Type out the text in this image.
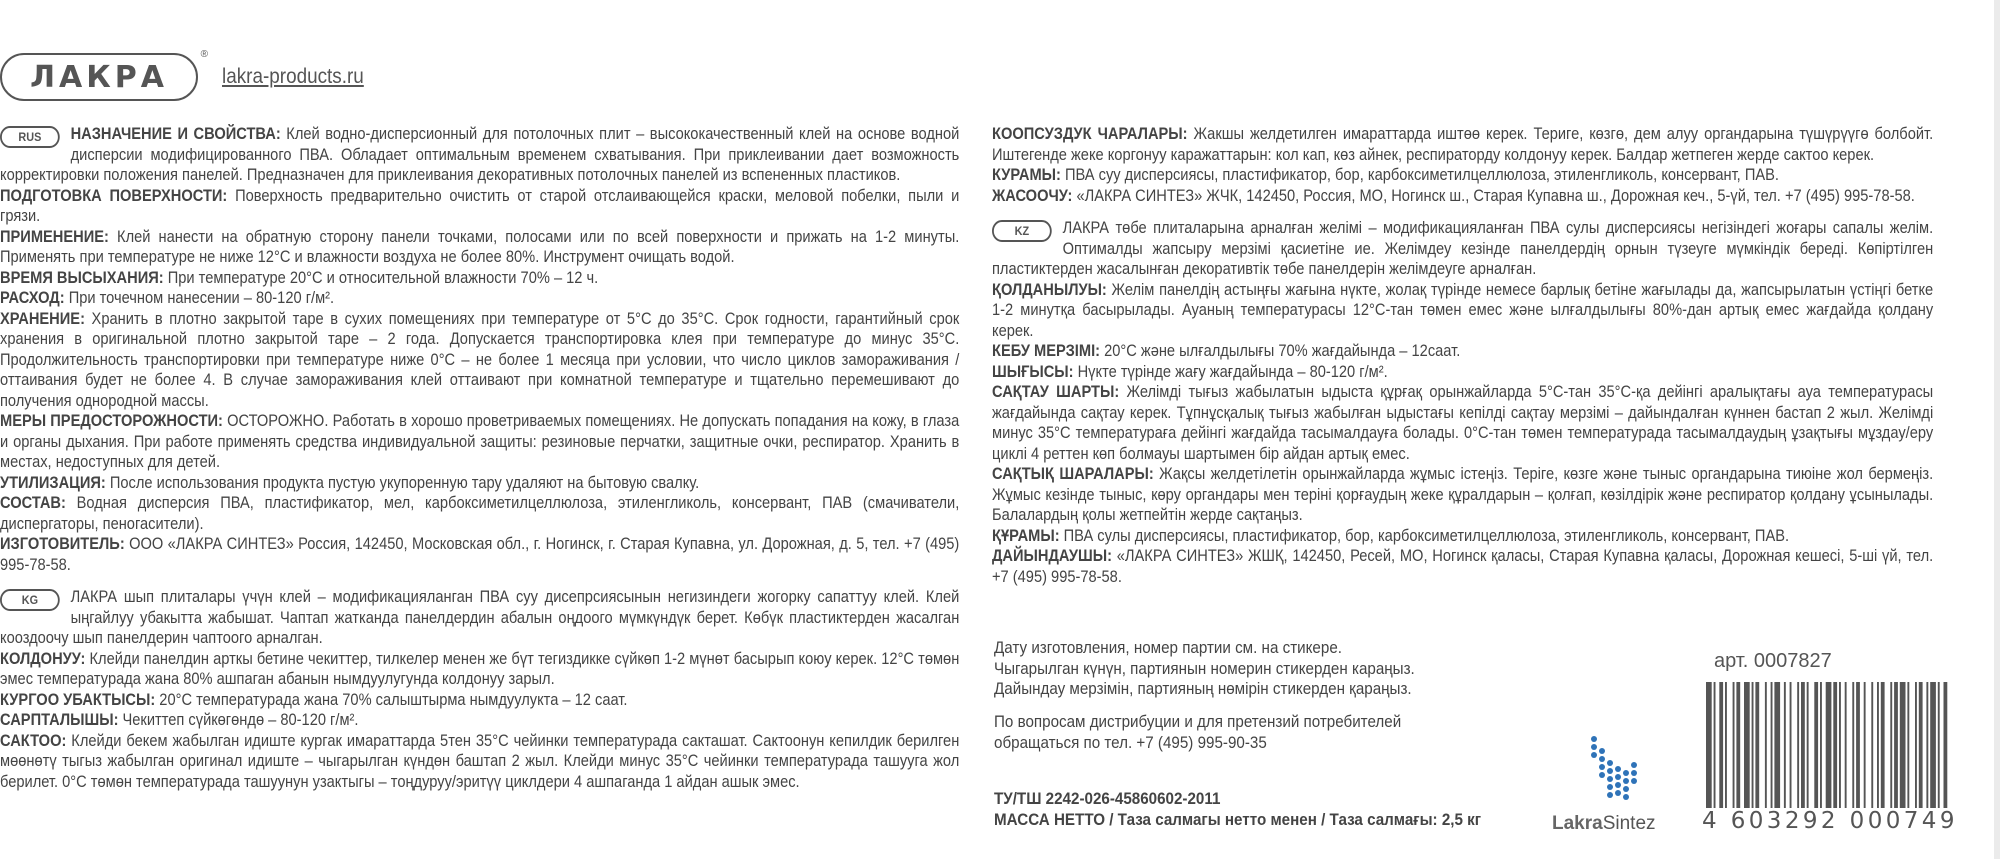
ЛАКРА
®
lakra-products.ru
RUS	НАЗНАЧЕНИЕ И СВОЙСТВА: Клей водно-дисперсионный для потолочных плит – высококачественный клей на основе водной дисперсии модифицированного ПВА. Обладает оптимальным временем схватывания. При приклеивании дает возможность корректировки положения панелей. Предназначен для приклеивания декоративных потолочных панелей из вспененных пластиков.

ПОДГОТОВКА ПОВЕРХНОСТИ: Поверхность предварительно очистить от старой отслаивающейся краски, меловой побелки, пыли и грязи.

ПРИМЕНЕНИЕ: Клей нанести на обратную сторону панели точками, полосами или по всей поверхности и прижать на 1-2 минуты. Применять при температуре не ниже 12°С и влажности воздуха не более 80%. Инструмент очищать водой.

ВРЕМЯ ВЫСЫХАНИЯ: При температуре 20°С и относительной влажности 70% – 12 ч.

РАСХОД: При точечном нанесении – 80-120 г/м².

ХРАНЕНИЕ: Хранить в плотно закрытой таре в сухих помещениях при температуре от 5°С до 35°С. Срок годности, гарантийный срок хранения в оригинальной плотно закрытой таре – 2 года. Допускается транспортировка клея при температуре до минус 35°С. Продолжительность транспортировки при температуре ниже 0°С – не более 1 месяца при условии, что число циклов замораживания / оттаивания будет не более 4. В случае замораживания клей оттаивают при комнатной температуре и тщательно перемешивают до получения однородной массы.

МЕРЫ ПРЕДОСТОРОЖНОСТИ: ОСТОРОЖНО. Работать в хорошо проветриваемых помещениях. Не допускать попадания на кожу, в глаза и органы дыхания. При работе применять средства индивидуальной защиты: резиновые перчатки, защитные очки, респиратор. Хранить в местах, недоступных для детей.

УТИЛИЗАЦИЯ: После использования продукта пустую укупоренную тару удаляют на бытовую свалку.

СОСТАВ: Водная дисперсия ПВА, пластификатор, мел, карбоксиметилцеллюлоза, этиленгликоль, консервант, ПАВ (смачиватели, диспергаторы, пеногасители).

ИЗГОТОВИТЕЛЬ: ООО «ЛАКРА СИНТЕЗ» Россия, 142450, Московская обл., г. Ногинск, г. Старая Купавна, ул. Дорожная, д. 5, тел. +7 (495) 995-78-58.

KG	ЛАКРА шып плиталары үчүн клей – модификацияланган ПВА суу дисепрсиясынын негизиндеги жогорку сапаттуу клей. Клей ыңгайлуу убакытта жабышат. Чаптап жатканда панелдердин абалын оңдоого мүмкүндүк берет. Көбүк пластиктерден жасалган кооздоочу шып панелдерин чаптоого арналган.

КОЛДОНУУ: Клейди панелдин арткы бетине чекиттер, тилкелер менен же бүт тегиздикке сүйкөп 1-2 мүнөт басырып коюу керек. 12°С төмөн эмес температурада жана 80% ашпаган абанын нымдуулугунда колдонуу зарыл.

КУРГОО УБАКТЫСЫ: 20°С температурада жана 70% салыштырма нымдуулукта – 12 саат.

САРПТАЛЫШЫ: Чекиттеп сүйкөгөндө – 80-120 г/м².

САКТОО: Клейди бекем жабылган идиште кургак имараттарда 5тен 35°С чейинки температурада сакташат. Сактоонун кепилдик берилген мөөнөтү тыгыз жабылган оригинал идиште – чыгарылган күндөн баштап 2 жыл. Клейди минус 35°С чейинки температурада ташууга жол берилет. 0°С төмөн температурада ташуунун узактыгы – тоңдуруу/эритүү циклдери 4 ашпаганда 1 айдан ашык эмес.

КООПСУЗДУК ЧАРАЛАРЫ: Жакшы желдетилген имараттарда иштөө керек. Териге, көзгө, дем алуу органдарына түшүрүүгө болбойт. Иштегенде жеке коргонуу каражаттарын: кол кап, көз айнек, респираторду колдонуу керек. Балдар жетпеген жерде сактоо керек.

КУРАМЫ: ПВА суу дисперсиясы, пластификатор, бор, карбоксиметилцеллюлоза, этиленгликоль, консервант, ПАВ.

ЖАСООЧУ: «ЛАКРА СИНТЕЗ» ЖЧК, 142450, Россия, МО, Ногинск ш., Старая Купавна ш., Дорожная кеч., 5-үй, тел. +7 (495) 995-78-58.

KZ	ЛАКРА төбе плиталарына арналған желімі – модификацияланған ПВА сулы дисперсиясы негізіндегі жоғары сапалы желім. Оптималды жапсыру мерзімі қасиетіне ие. Желімдеу кезінде панелдердің орнын түзеуге мүмкіндік береді. Көпіртілген пластиктерден жасалынған декоративтік төбе панелдерін желімдеуге арналған.

ҚОЛДАНЫЛУЫ: Желім панелдің астыңғы жағына нүкте, жолақ түрінде немесе барлық бетіне жағылады да, жапсырылатын үстіңгі бетке 1-2 минутқа басырылады. Ауаның температурасы 12°С-тан төмен емес және ылғалдылығы 80%-дан артық емес жағдайда қолдану керек.

КЕБУ МЕРЗІМІ: 20°С және ылғалдылығы 70% жағдайында – 12саат.

ШЫҒЫСЫ: Нүкте түрінде жағу жағдайында – 80-120 г/м².

САҚТАУ ШАРТЫ: Желімді тығыз жабылатын ыдыста құрғақ орынжайларда 5°С-тан 35°С-қа дейінгі аралықтағы ауа температурасы жағдайында сақтау керек. Тұпнұсқалық тығыз жабылған ыдыстағы кепілді сақтау мерзімі – дайындалған күннен бастап 2 жыл. Желімді минус 35°С температураға дейінгі жағдайда тасымалдауға болады. 0°С-тан төмен температурада тасымалдаудың ұзақтығы мұздау/еру циклі 4 реттен көп болмауы шартымен бір айдан артық емес.

САҚТЫҚ ШАРАЛАРЫ: Жақсы желдетілетін орынжайларда жұмыс істеңіз. Теріге, көзге және тыныс органдарына тиюіне жол бермеңіз. Жұмыс кезінде тыныс, көру органдары мен теріні қорғаудың жеке құралдарын – қолғап, көзілдірік және респиратор қолдану ұсынылады. Балалардың қолы жетпейтін жерде сақтаңыз.

ҚҰРАМЫ: ПВА сулы дисперсиясы, пластификатор, бор, карбоксиметилцеллюлоза, этиленгликоль, консервант, ПАВ.

ДАЙЫНДАУШЫ: «ЛАКРА СИНТЕЗ» ЖШҚ, 142450, Ресей, МО, Ногинск қаласы, Старая Купавна қаласы, Дорожная кешесі, 5-ші үй, тел. +7 (495) 995-78-58.

Дату изготовления, номер партии см. на стикере.
Чыгарылган күнүн, партиянын номерин стикерден караңыз.
Дайындау мерзімін, партияның нөмірін стикерден қараңыз.
По вопросам дистрибуции и для претензий потребителей
обращаться по тел. +7 (495) 995-90-35
ТУ/ТШ 2242-026-45860602-2011
МАССА НЕТТО / Таза салмагы нетто менен / Таза салмағы: 2,5 кг	LakraSintez
арт. 0007827
4 603292 000749
